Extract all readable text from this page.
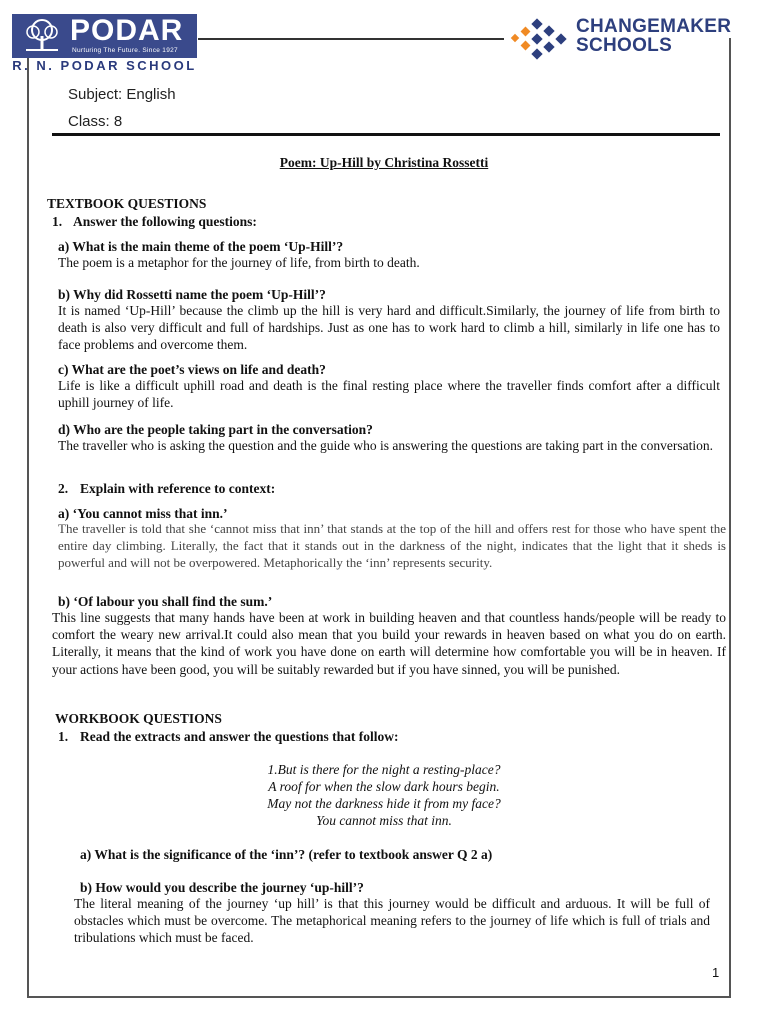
PODAR
Nurturing The Future. Since 1927
R. N. PODAR SCHOOL
CHANGEMAKER
SCHOOLS
Subject: English
Class: 8
Poem: Up-Hill by Christina Rossetti
TEXTBOOK QUESTIONS
1. Answer the following questions:
a) What is the main theme of the poem ‘Up-Hill’?
The poem is a metaphor for the journey of life, from birth to death.
b) Why did Rossetti name the poem ‘Up-Hill’?
It is named ‘Up-Hill’ because the climb up the hill is very hard and difficult.Similarly, the journey of life from birth to death is also very difficult and full of hardships. Just as one has to work hard to climb a hill, similarly in life one has to face problems and overcome them.
c) What are the poet’s views on life and death?
Life is like a difficult uphill road and death is the final resting place where the traveller finds comfort after a difficult uphill journey of life.
d) Who are the people taking part in the conversation?
The traveller who is asking the question and the guide who is answering the questions are taking part in the conversation.
2. Explain with reference to context:
a) ‘You cannot miss that inn.’
The traveller is told that she ‘cannot miss that inn’ that stands at the top of the hill and offers rest for those who have spent the entire day climbing. Literally, the fact that it stands out in the darkness of the night, indicates that the light that it sheds is powerful and will not be overpowered. Metaphorically the ‘inn’ represents security.
b) ‘Of labour you shall find the sum.’
This line suggests that many hands have been at work in building heaven and that countless hands/people will be ready to comfort the weary new arrival.It could also mean that you build your rewards in heaven based on what you do on earth. Literally, it means that the kind of work you have done on earth will determine how comfortable you will be in heaven. If your actions have been good, you will be suitably rewarded but if you have sinned, you will be punished.
WORKBOOK QUESTIONS
1. Read the extracts and answer the questions that follow:
1.But is there for the night a resting-place?
A roof for when the slow dark hours begin.
May not the darkness hide it from my face?
You cannot miss that inn.
a) What is the significance of the ‘inn’? (refer to textbook answer Q 2 a)
b) How would you describe the journey ‘up-hill’?
The literal meaning of the journey ‘up hill’ is that this journey would be difficult and arduous. It will be full of obstacles which must be overcome. The metaphorical meaning refers to the journey of life which is full of trials and tribulations which must be faced.
1
